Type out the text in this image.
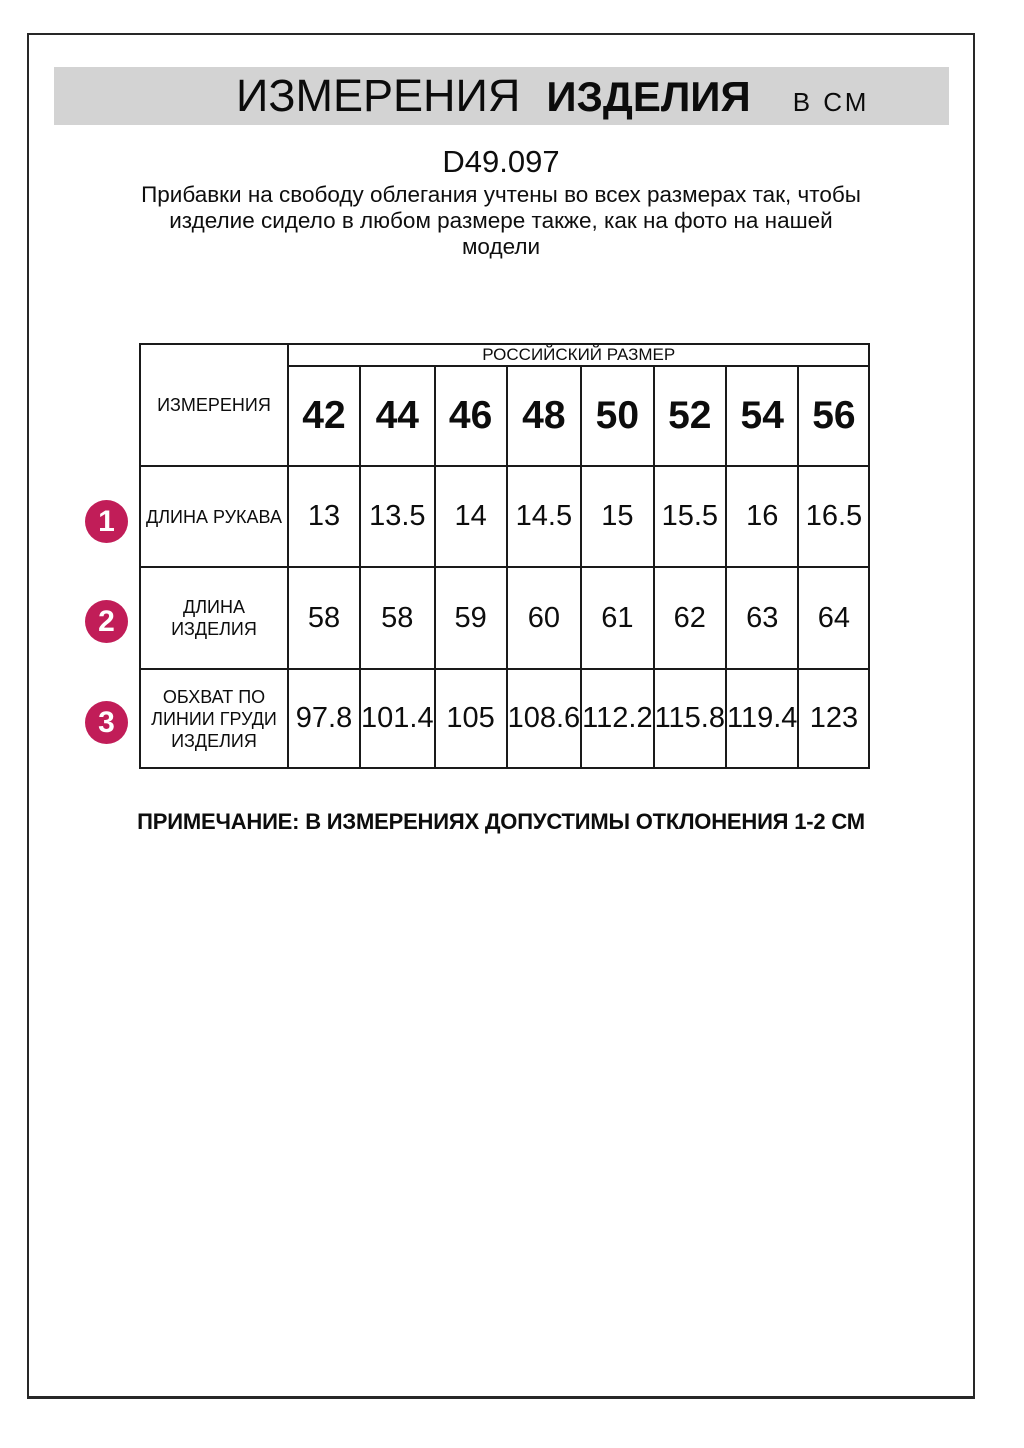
ИЗМЕРЕНИЯ ИЗДЕЛИЯ В СМ
D49.097
Прибавки на свободу облегания учтены во всех размерах так, чтобы
изделие сидело в любом размере также, как на фото на нашей
модели
ИЗМЕРЕНИЯ	РОССИЙСКИЙ РАЗМЕР							
	42	44	46	48	50	52	54	56

ДЛИНА РУКАВА	13	13.5	14	14.5	15	15.5	16	16.5

ДЛИНА
ИЗДЕЛИЯ	58	58	59	60	61	62	63	64

ОБХВАТ ПО
ЛИНИИ ГРУДИ
ИЗДЕЛИЯ	97.8	101.4	105	108.6	112.2	115.8	119.4	123
1
2
3
ПРИМЕЧАНИЕ: В ИЗМЕРЕНИЯХ ДОПУСТИМЫ ОТКЛОНЕНИЯ 1-2 СМ
